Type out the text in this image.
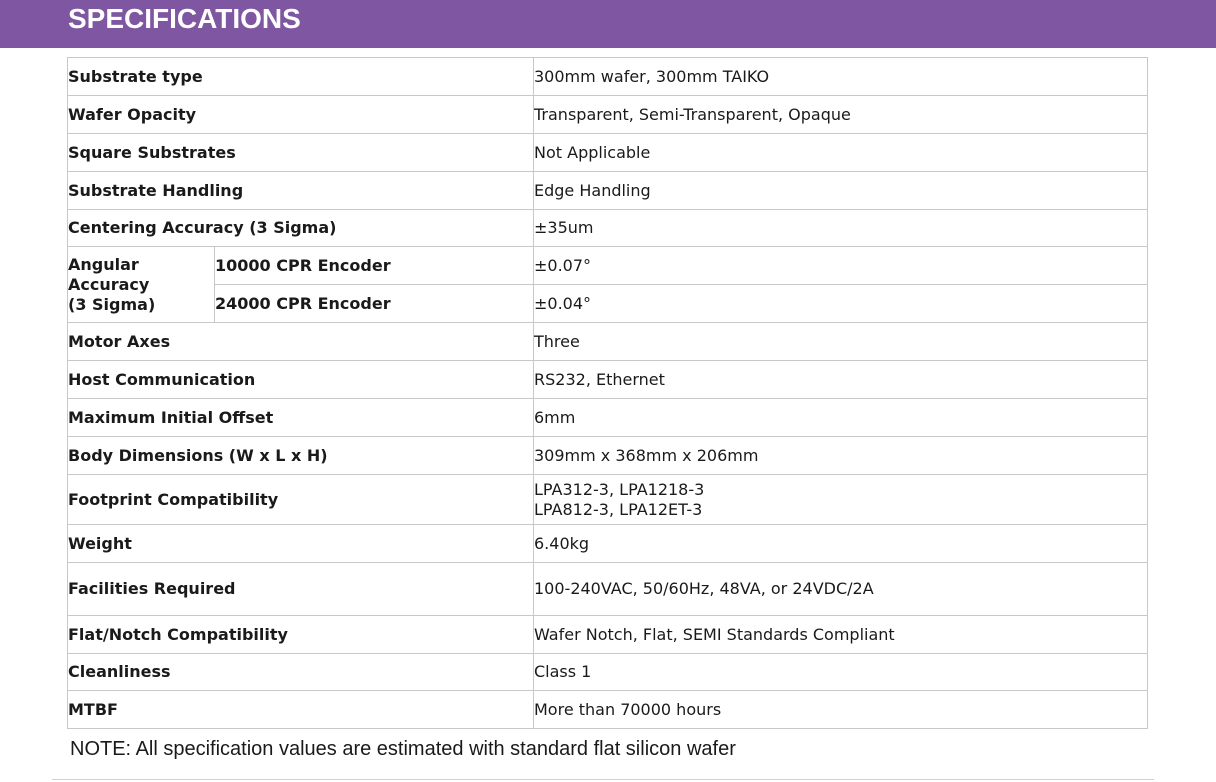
SPECIFICATIONS
Substrate type		300mm wafer, 300mm TAIKO
Wafer Opacity		Transparent, Semi-Transparent, Opaque
Square Substrates		Not Applicable
Substrate Handling		Edge Handling
Centering Accuracy (3 Sigma)		±35um

Angular
Accuracy
(3 Sigma)	10000 CPR Encoder	±0.07°
	24000 CPR Encoder	±0.04°
Motor Axes		Three
Host Communication		RS232, Ethernet
Maximum Initial Offset		6mm
Body Dimensions (W x L x H)		309mm x 368mm x 206mm
Footprint Compatibility		LPA312-3, LPA1218-3
LPA812-3, LPA12ET-3

Weight		6.40kg
Facilities Required		100-240VAC, 50/60Hz, 48VA, or 24VDC/2A
Flat/Notch Compatibility		Wafer Notch, Flat, SEMI Standards Compliant
Cleanliness		Class 1
MTBF		More than 70000 hours
NOTE: All specification values are estimated with standard flat silicon wafer
